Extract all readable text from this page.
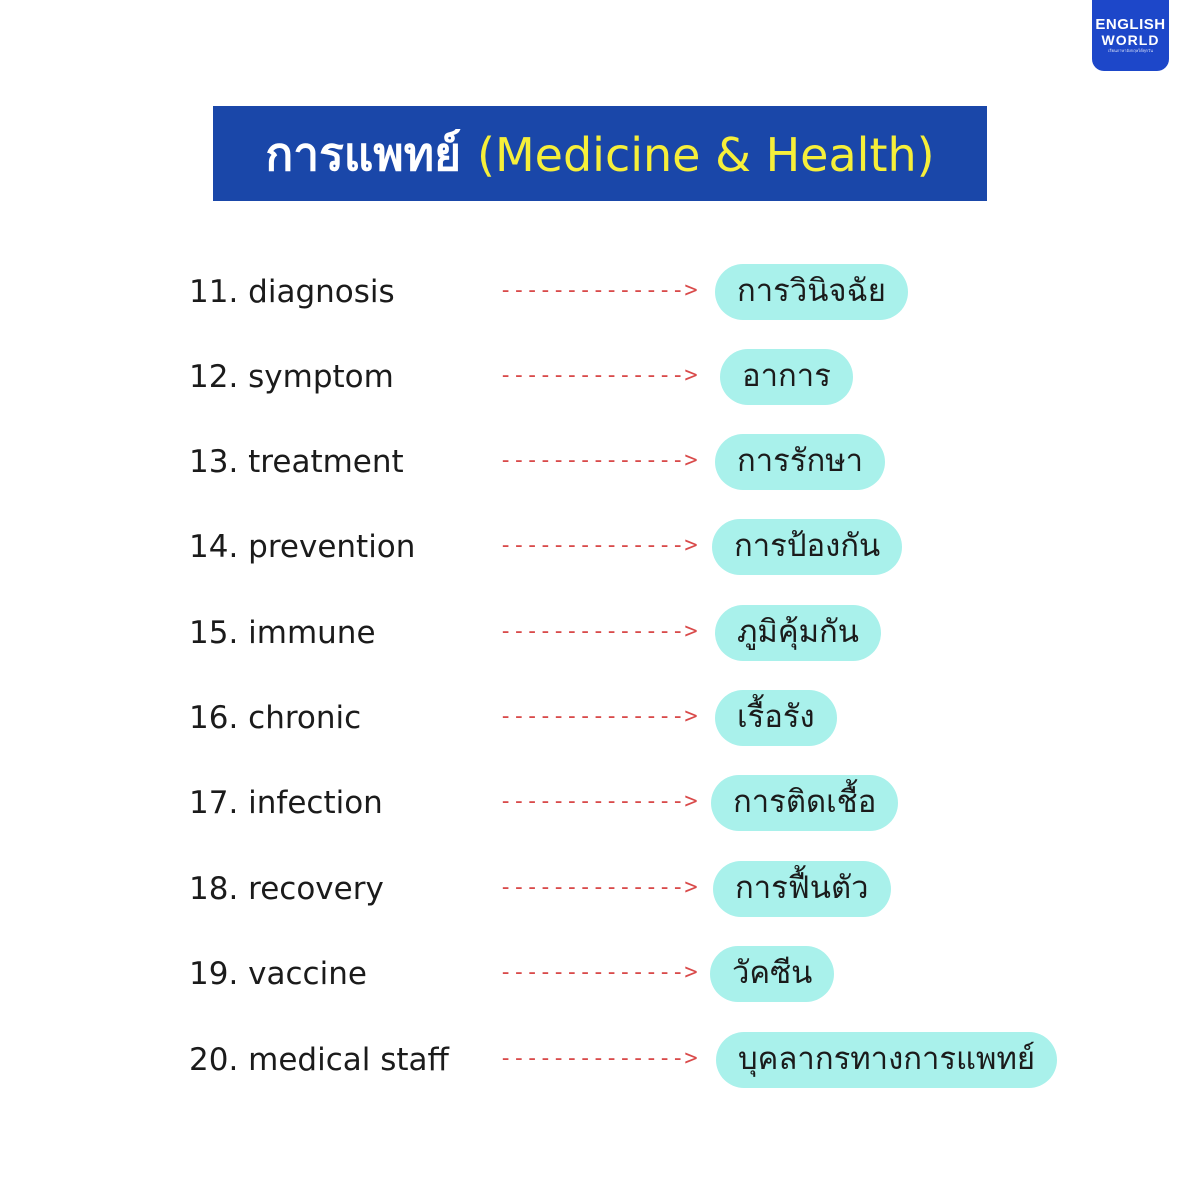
ENGLISH
WORLD
เรียนภาษาอังกฤษได้ทุกวัน
การแพทย์ (Medicine & Health)
11. diagnosis	-------------->	การวินิจฉัย
12. symptom	-------------->	อาการ
13. treatment	-------------->	การรักษา
14. prevention	-------------->	การป้องกัน
15. immune	-------------->	ภูมิคุ้มกัน
16. chronic	-------------->	เรื้อรัง
17. infection	-------------->	การติดเชื้อ
18. recovery	-------------->	การฟื้นตัว
19. vaccine	-------------->	วัคซีน
20. medical staff -------------->	บุคลากรทางการแพทย์
